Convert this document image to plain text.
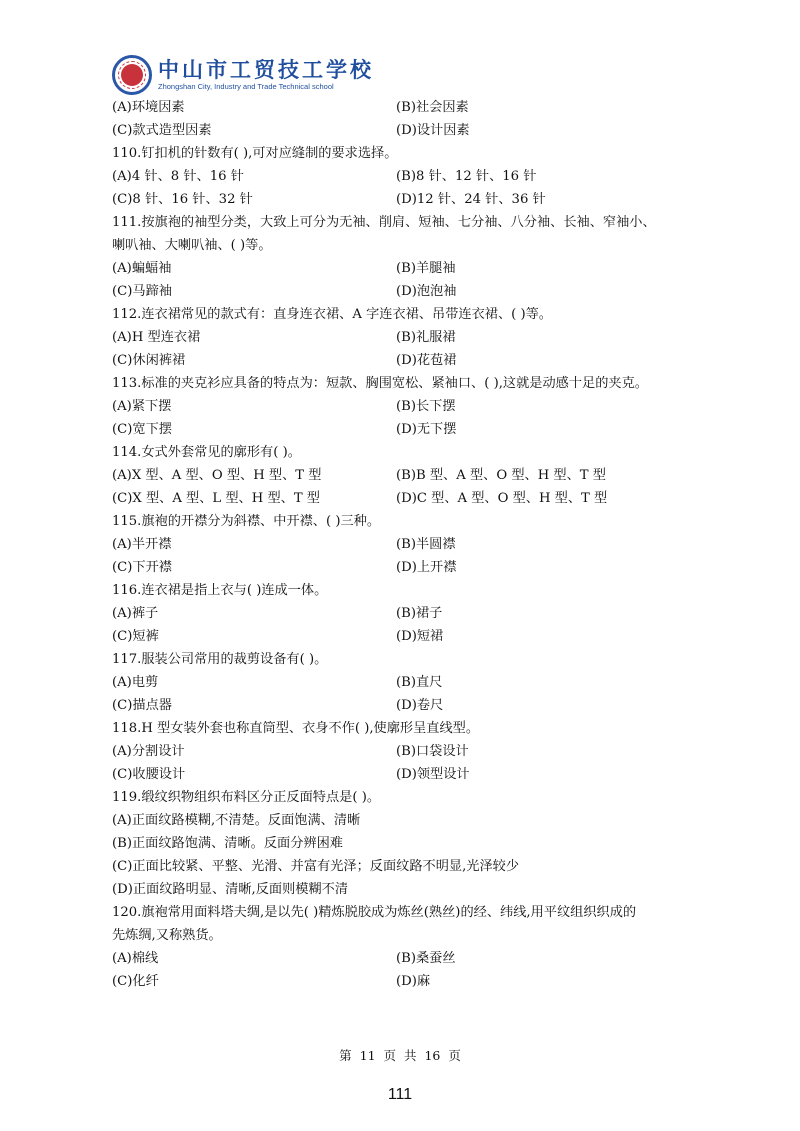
中山市工贸技工学校
Zhongshan City, Industry and Trade Technical school
(A)环境因素	(B)社会因素
(C)款式造型因素	(D)设计因素
110.钉扣机的针数有( ),可对应缝制的要求选择。
(A)4 针、8 针、16 针	(B)8 针、12 针、16 针
(C)8 针、16 针、32 针	(D)12 针、24 针、36 针
111.按旗袍的袖型分类，大致上可分为无袖、削肩、短袖、七分袖、八分袖、长袖、窄袖小、
喇叭袖、大喇叭袖、( )等。
(A)蝙蝠袖	(B)羊腿袖
(C)马蹄袖	(D)泡泡袖
112.连衣裙常见的款式有：直身连衣裙、A 字连衣裙、吊带连衣裙、( )等。
(A)H 型连衣裙	(B)礼服裙
(C)休闲裤裙	(D)花苞裙
113.标准的夹克衫应具备的特点为：短款、胸围宽松、紧袖口、( ),这就是动感十足的夹克。
(A)紧下摆	(B)长下摆
(C)宽下摆	(D)无下摆
114.女式外套常见的廓形有( )。
(A)X 型、A 型、O 型、H 型、T 型	(B)B 型、A 型、O 型、H 型、T 型
(C)X 型、A 型、L 型、H 型、T 型	(D)C 型、A 型、O 型、H 型、T 型
115.旗袍的开襟分为斜襟、中开襟、( )三种。
(A)半开襟	(B)半圆襟
(C)下开襟	(D)上开襟
116.连衣裙是指上衣与( )连成一体。
(A)裤子	(B)裙子
(C)短裤	(D)短裙
117.服装公司常用的裁剪设备有( )。
(A)电剪	(B)直尺
(C)描点器	(D)卷尺
118.H 型女装外套也称直筒型、衣身不作( ),使廓形呈直线型。
(A)分割设计	(B)口袋设计
(C)收腰设计	(D)领型设计
119.缎纹织物组织布料区分正反面特点是( )。
(A)正面纹路模糊,不清楚。反面饱满、清晰
(B)正面纹路饱满、清晰。反面分辨困难
(C)正面比较紧、平整、光滑、并富有光泽；反面纹路不明显,光泽较少
(D)正面纹路明显、清晰,反面则模糊不清
120.旗袍常用面料塔夫绸,是以先( )精炼脱胶成为炼丝(熟丝)的经、纬线,用平纹组织织成的
先炼绸,又称熟货。
(A)棉线	(B)桑蚕丝
(C)化纤	(D)麻
第 11 页 共 16 页
111
